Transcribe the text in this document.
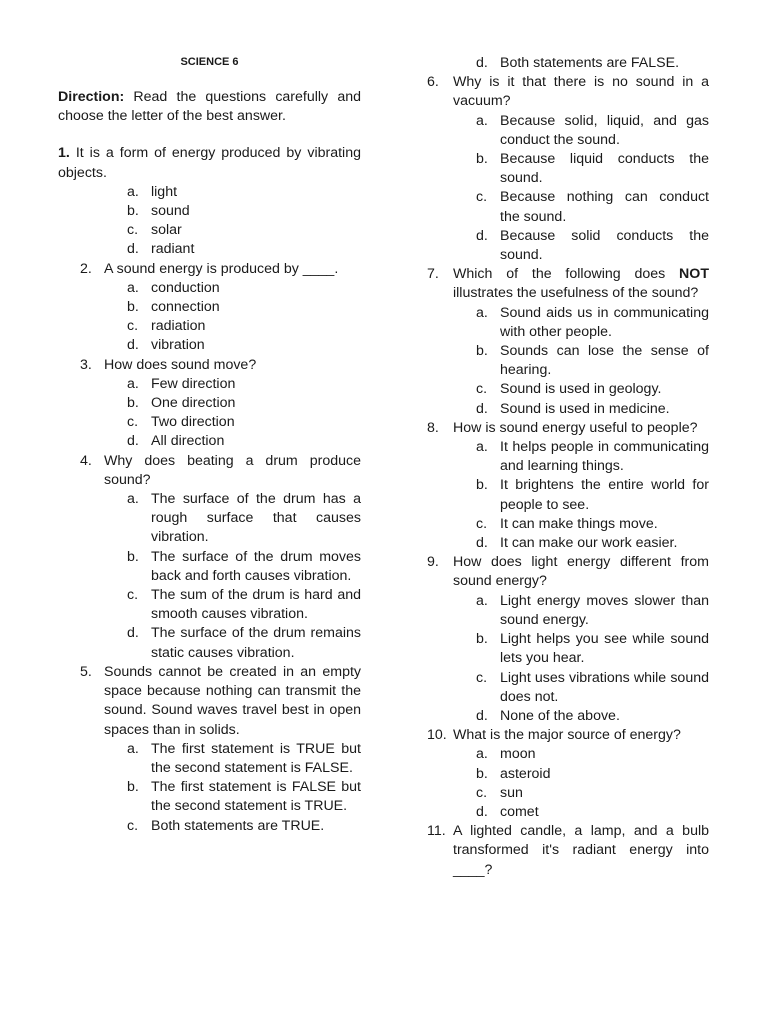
SCIENCE 6
Direction: Read the questions carefully and choose the letter of the best answer.
1. It is a form of energy produced by vibrating objects.
a. light
b. sound
c. solar
d. radiant
2. A sound energy is produced by ____.
a. conduction
b. connection
c. radiation
d. vibration
3. How does sound move?
a. Few direction
b. One direction
c. Two direction
d. All direction
4. Why does beating a drum produce sound?
a. The surface of the drum has a rough surface that causes vibration.
b. The surface of the drum moves back and forth causes vibration.
c. The sum of the drum is hard and smooth causes vibration.
d. The surface of the drum remains static causes vibration.
5. Sounds cannot be created in an empty space because nothing can transmit the sound. Sound waves travel best in open spaces than in solids.
a. The first statement is TRUE but the second statement is FALSE.
b. The first statement is FALSE but the second statement is TRUE.
c. Both statements are TRUE.
d. Both statements are FALSE.
6. Why is it that there is no sound in a vacuum?
a. Because solid, liquid, and gas conduct the sound.
b. Because liquid conducts the sound.
c. Because nothing can conduct the sound.
d. Because solid conducts the sound.
7. Which of the following does NOT illustrates the usefulness of the sound?
a. Sound aids us in communicating with other people.
b. Sounds can lose the sense of hearing.
c. Sound is used in geology.
d. Sound is used in medicine.
8. How is sound energy useful to people?
a. It helps people in communicating and learning things.
b. It brightens the entire world for people to see.
c. It can make things move.
d. It can make our work easier.
9. How does light energy different from sound energy?
a. Light energy moves slower than sound energy.
b. Light helps you see while sound lets you hear.
c. Light uses vibrations while sound does not.
d. None of the above.
10. What is the major source of energy?
a. moon
b. asteroid
c. sun
d. comet
11. A lighted candle, a lamp, and a bulb transformed it's radiant energy into ____?
